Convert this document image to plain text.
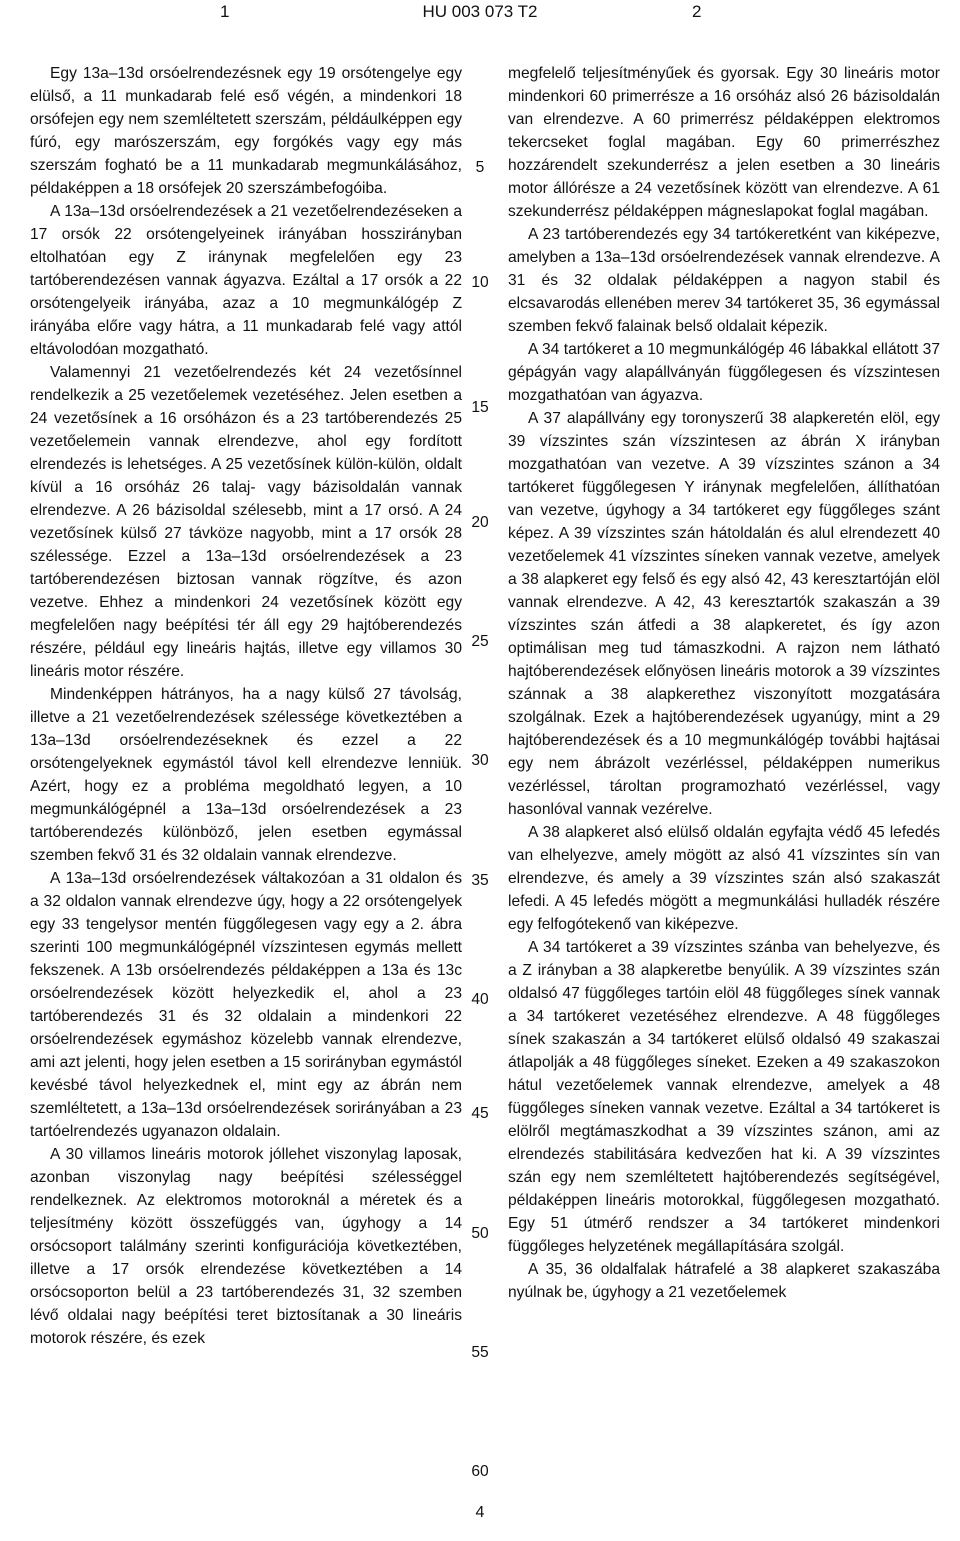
1	HU 003 073 T2	2

Egy 13a–13d orsóelrendezésnek egy 19 orsótengelye egy elülső, a 11 munkadarab felé eső végén, a mindenkori 18 orsófejen egy nem szemléltetett szerszám, példáulképpen egy fúró, egy marószerszám, egy forgókés vagy egy más szerszám fogható be a 11 munkadarab megmunkálásához, példaképpen a 18 orsófejek 20 szerszámbefogóiba.

A 13a–13d orsóelrendezések a 21 vezetőelrendezéseken a 17 orsók 22 orsótengelyeinek irányában hosszirányban eltolhatóan egy Z iránynak megfelelően egy 23 tartóberendezésen vannak ágyazva. Ezáltal a 17 orsók a 22 orsótengelyeik irányába, azaz a 10 megmunkálógép Z irányába előre vagy hátra, a 11 munkadarab felé vagy attól eltávolodóan mozgatható.

Valamennyi 21 vezetőelrendezés két 24 vezetősínnel rendelkezik a 25 vezetőelemek vezetéséhez. Jelen esetben a 24 vezetősínek a 16 orsóházon és a 23 tartóberendezés 25 vezetőelemein vannak elrendezve, ahol egy fordított elrendezés is lehetséges. A 25 vezetősínek külön-külön, oldalt kívül a 16 orsóház 26 talaj- vagy bázisoldalán vannak elrendezve. A 26 bázisoldal szélesebb, mint a 17 orsó. A 24 vezetősínek külső 27 távköze nagyobb, mint a 17 orsók 28 szélessége. Ezzel a 13a–13d orsóelrendezések a 23 tartóberendezésen biztosan vannak rögzítve, és azon vezetve. Ehhez a mindenkori 24 vezetősínek között egy megfelelően nagy beépítési tér áll egy 29 hajtóberendezés részére, például egy lineáris hajtás, illetve egy villamos 30 lineáris motor részére.

Mindenképpen hátrányos, ha a nagy külső 27 távolság, illetve a 21 vezetőelrendezések szélessége következtében a 13a–13d orsóelrendezéseknek és ezzel a 22 orsótengelyeknek egymástól távol kell elrendezve lenniük. Azért, hogy ez a probléma megoldható legyen, a 10 megmunkálógépnél a 13a–13d orsóelrendezések a 23 tartóberendezés különböző, jelen esetben egymással szemben fekvő 31 és 32 oldalain vannak elrendezve.

A 13a–13d orsóelrendezések váltakozóan a 31 oldalon és a 32 oldalon vannak elrendezve úgy, hogy a 22 orsótengelyek egy 33 tengelysor mentén függőlegesen vagy egy a 2. ábra szerinti 100 megmunkálógépnél vízszintesen egymás mellett fekszenek. A 13b orsóelrendezés példaképpen a 13a és 13c orsóelrendezések között helyezkedik el, ahol a 23 tartóberendezés 31 és 32 oldalain a mindenkori 22 orsóelrendezések egymáshoz közelebb vannak elrendezve, ami azt jelenti, hogy jelen esetben a 15 sorirányban egymástól kevésbé távol helyezkednek el, mint egy az ábrán nem szemléltetett, a 13a–13d orsóelrendezések sorirányában a 23 tartóelrendezés ugyanazon oldalain.

A 30 villamos lineáris motorok jóllehet viszonylag laposak, azonban viszonylag nagy beépítési szélességgel rendelkeznek. Az elektromos motoroknál a méretek és a teljesítmény között összefüggés van, úgyhogy a 14 orsócsoport találmány szerinti konfigurációja következtében, illetve a 17 orsók elrendezése következtében a 14 orsócsoporton belül a 23 tartóberendezés 31, 32 szemben lévő oldalai nagy beépítési teret biztosítanak a 30 lineáris motorok részére, és ezek

5
10
15
20
25
30
35
40
45
50
55
60

megfelelő teljesítményűek és gyorsak. Egy 30 lineáris motor mindenkori 60 primerrésze a 16 orsóház alsó 26 bázisoldalán van elrendezve. A 60 primerrész példaképpen elektromos tekercseket foglal magában. Egy 60 primerrészhez hozzárendelt szekunderrész a jelen esetben a 30 lineáris motor állórésze a 24 vezetősínek között van elrendezve. A 61 szekunderrész példaképpen mágneslapokat foglal magában.

A 23 tartóberendezés egy 34 tartókeretként van kiképezve, amelyben a 13a–13d orsóelrendezések vannak elrendezve. A 31 és 32 oldalak példaképpen a nagyon stabil és elcsavarodás ellenében merev 34 tartókeret 35, 36 egymással szemben fekvő falainak belső oldalait képezik.

A 34 tartókeret a 10 megmunkálógép 46 lábakkal ellátott 37 gépágyán vagy alapállványán függőlegesen és vízszintesen mozgathatóan van ágyazva.

A 37 alapállvány egy toronyszerű 38 alapkeretén elöl, egy 39 vízszintes szán vízszintesen az ábrán X irányban mozgathatóan van vezetve. A 39 vízszintes szánon a 34 tartókeret függőlegesen Y iránynak megfelelően, állíthatóan van vezetve, úgyhogy a 34 tartókeret egy függőleges szánt képez. A 39 vízszintes szán hátoldalán és alul elrendezett 40 vezetőelemek 41 vízszintes síneken vannak vezetve, amelyek a 38 alapkeret egy felső és egy alsó 42, 43 keresztartóján elöl vannak elrendezve. A 42, 43 keresztartók szakaszán a 39 vízszintes szán átfedi a 38 alapkeretet, és így azon optimálisan meg tud támaszkodni. A rajzon nem látható hajtóberendezések előnyösen lineáris motorok a 39 vízszintes szánnak a 38 alapkerethez viszonyított mozgatására szolgálnak. Ezek a hajtóberendezések ugyanúgy, mint a 29 hajtóberendezések és a 10 megmunkálógép további hajtásai egy nem ábrázolt vezérléssel, példaképpen numerikus vezérléssel, tároltan programozható vezérléssel, vagy hasonlóval vannak vezérelve.

A 38 alapkeret alsó elülső oldalán egyfajta védő 45 lefedés van elhelyezve, amely mögött az alsó 41 vízszintes sín van elrendezve, és amely a 39 vízszintes szán alsó szakaszát lefedi. A 45 lefedés mögött a megmunkálási hulladék részére egy felfogótekenő van kiképezve.

A 34 tartókeret a 39 vízszintes szánba van behelyezve, és a Z irányban a 38 alapkeretbe benyúlik. A 39 vízszintes szán oldalsó 47 függőleges tartóin elöl 48 függőleges sínek vannak a 34 tartókeret vezetéséhez elrendezve. A 48 függőleges sínek szakaszán a 34 tartókeret elülső oldalsó 49 szakaszai átlapolják a 48 függőleges síneket. Ezeken a 49 szakaszokon hátul vezetőelemek vannak elrendezve, amelyek a 48 függőleges síneken vannak vezetve. Ezáltal a 34 tartókeret is elölről megtámaszkodhat a 39 vízszintes szánon, ami az elrendezés stabilitására kedvezően hat ki. A 39 vízszintes szán egy nem szemléltetett hajtóberendezés segítségével, példaképpen lineáris motorokkal, függőlegesen mozgatható. Egy 51 útmérő rendszer a 34 tartókeret mindenkori függőleges helyzetének megállapítására szolgál.

A 35, 36 oldalfalak hátrafelé a 38 alapkeret szakaszába nyúlnak be, úgyhogy a 21 vezetőelemek

4
